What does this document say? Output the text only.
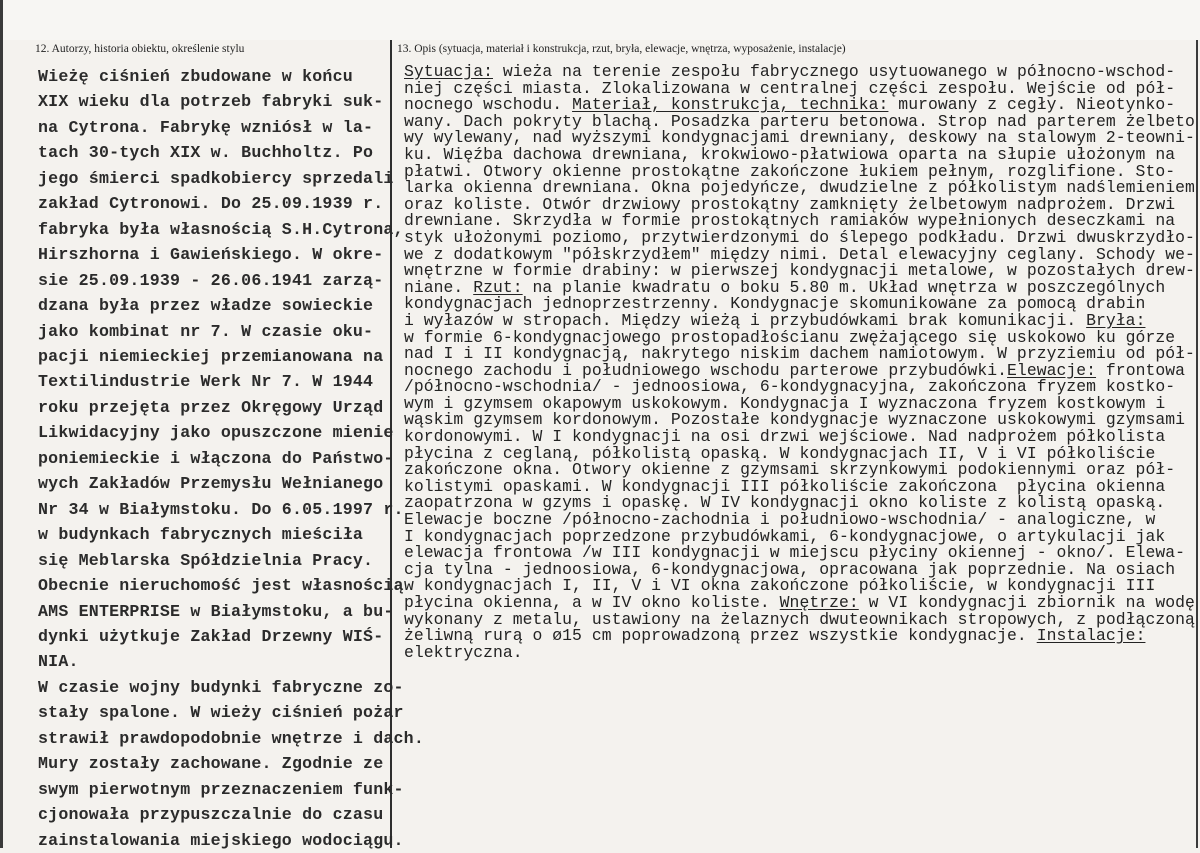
12. Autorzy, historia obiektu, określenie stylu	13. Opis (sytuacja, materiał i konstrukcja, rzut, bryła, elewacje, wnętrza, wyposażenie, instalacje)
Wieżę ciśnień zbudowane w końcu
XIX wieku dla potrzeb fabryki suk-
na Cytrona. Fabrykę wzniósł w la-
tach 30-tych XIX w. Buchholtz. Po
jego śmierci spadkobiercy sprzedali
zakład Cytronowi. Do 25.09.1939 r.
fabryka była własnością S.H.Cytrona,
Hirszhorna i Gawieńskiego. W okre-
sie 25.09.1939 - 26.06.1941 zarzą-
dzana była przez władze sowieckie
jako kombinat nr 7. W czasie oku-
pacji niemieckiej przemianowana na
Textilindustrie Werk Nr 7. W 1944
roku przejęta przez Okręgowy Urząd
Likwidacyjny jako opuszczone mienie
poniemieckie i włączona do Państwo-
wych Zakładów Przemysłu Wełnianego
Nr 34 w Białymstoku. Do 6.05.1997 r.
w budynkach fabrycznych mieściła
się Meblarska Spółdzielnia Pracy.
Obecnie nieruchomość jest własnością
AMS ENTERPRISE w Białymstoku, a bu-
dynki użytkuje Zakład Drzewny WIŚ-
NIA.
W czasie wojny budynki fabryczne zo-
stały spalone. W wieży ciśnień pożar
strawił prawdopodobnie wnętrze i dach.
Mury zostały zachowane. Zgodnie ze
swym pierwotnym przeznaczeniem funk-
cjonowała przypuszczalnie do czasu
zainstalowania miejskiego wodociągu.
Sytuacja: wieża na terenie zespołu fabrycznego usytuowanego w północno-wschod-
niej części miasta. Zlokalizowana w centralnej części zespołu. Wejście od pół-
nocnego wschodu. Materiał, konstrukcja, technika: murowany z cegły. Nieotynko-
wany. Dach pokryty blachą. Posadzka parteru betonowa. Strop nad parterem żelbeto
wy wylewany, nad wyższymi kondygnacjami drewniany, deskowy na stalowym 2-teowni-
ku. Więźba dachowa drewniana, krokwiowo-płatwiowa oparta na słupie ułożonym na
płatwi. Otwory okienne prostokątne zakończone łukiem pełnym, rozglifione. Sto-
larka okienna drewniana. Okna pojedyńcze, dwudzielne z półkolistym nadślemieniem
oraz koliste. Otwór drzwiowy prostokątny zamknięty żelbetowym nadprożem. Drzwi
drewniane. Skrzydła w formie prostokątnych ramiaków wypełnionych deseczkami na
styk ułożonymi poziomo, przytwierdzonymi do ślepego podkładu. Drzwi dwuskrzydło-
we z dodatkowym "półskrzydłem" między nimi. Detal elewacyjny ceglany. Schody we-
wnętrzne w formie drabiny: w pierwszej kondygnacji metalowe, w pozostałych drew-
niane. Rzut: na planie kwadratu o boku 5.80 m. Układ wnętrza w poszczególnych
kondygnacjach jednoprzestrzenny. Kondygnacje skomunikowane za pomocą drabin
i wyłazów w stropach. Między wieżą i przybudówkami brak komunikacji. Bryła:
w formie 6-kondygnacjowego prostopadłościanu zwężającego się uskokowo ku górze
nad I i II kondygnacją, nakrytego niskim dachem namiotowym. W przyziemiu od pół-
nocnego zachodu i południowego wschodu parterowe przybudówki.Elewacje: frontowa
/północno-wschodnia/ - jednoosiowa, 6-kondygnacyjna, zakończona fryzem kostko-
wym i gzymsem okapowym uskokowym. Kondygnacja I wyznaczona fryzem kostkowym i
wąskim gzymsem kordonowym. Pozostałe kondygnacje wyznaczone uskokowymi gzymsami
kordonowymi. W I kondygnacji na osi drzwi wejściowe. Nad nadprożem półkolista
płycina z ceglaną, półkolistą opaską. W kondygnacjach II, V i VI półkoliście
zakończone okna. Otwory okienne z gzymsami skrzynkowymi podokiennymi oraz pół-
kolistymi opaskami. W kondygnacji III półkoliście zakończona  płycina okienna
zaopatrzona w gzyms i opaskę. W IV kondygnacji okno koliste z kolistą opaską.
Elewacje boczne /północno-zachodnia i południowo-wschodnia/ - analogiczne, w
I kondygnacjach poprzedzone przybudówkami, 6-kondygnacjowe, o artykulacji jak
elewacja frontowa /w III kondygnacji w miejscu płyciny okiennej - okno/. Elewa-
cja tylna - jednoosiowa, 6-kondygnacjowa, opracowana jak poprzednie. Na osiach
w kondygnacjach I, II, V i VI okna zakończone półkoliście, w kondygnacji III
płycina okienna, a w IV okno koliste. Wnętrze: w VI kondygnacji zbiornik na wodę
wykonany z metalu, ustawiony na żelaznych dwuteownikach stropowych, z podłączoną
żeliwną rurą o ø15 cm poprowadzoną przez wszystkie kondygnacje. Instalacje:
elektryczna.
